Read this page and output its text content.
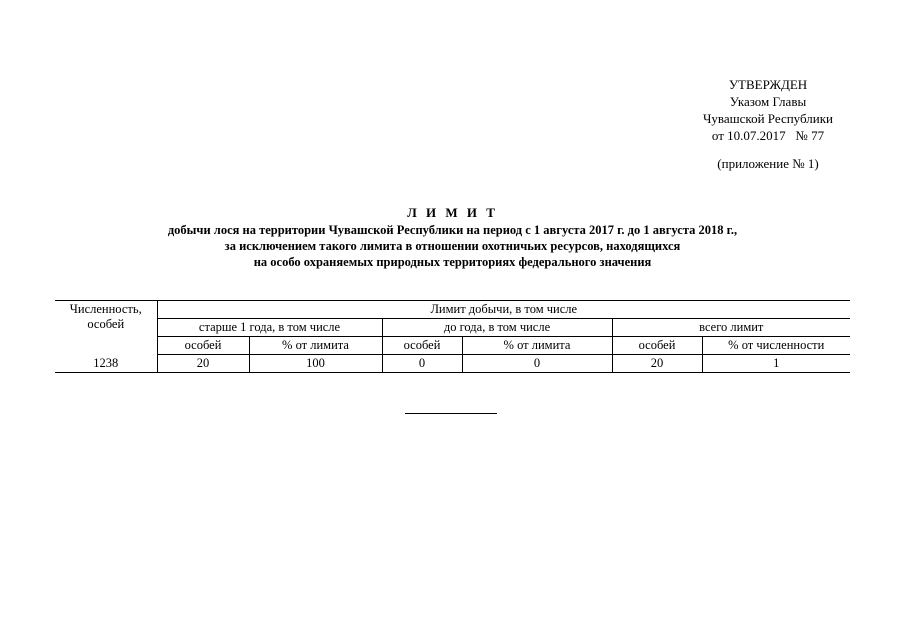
УТВЕРЖДЕН
Указом Главы
Чувашской Республики
от 10.07.2017   № 77
(приложение № 1)
Л И М И Т
добычи лося на территории Чувашской Республики на период с 1 августа 2017 г. до 1 августа 2018 г.,
за исключением такого лимита в отношении охотничьих ресурсов, находящихся
на особо охраняемых природных территориях федерального значения
Численность, особей	Лимит добычи, в том числе					
	старше 1 года, в том числе		до года, в том числе		всего лимит	
	особей	% от лимита	особей	% от лимита	особей	% от численности
1238	20	100	0	0	20	1
